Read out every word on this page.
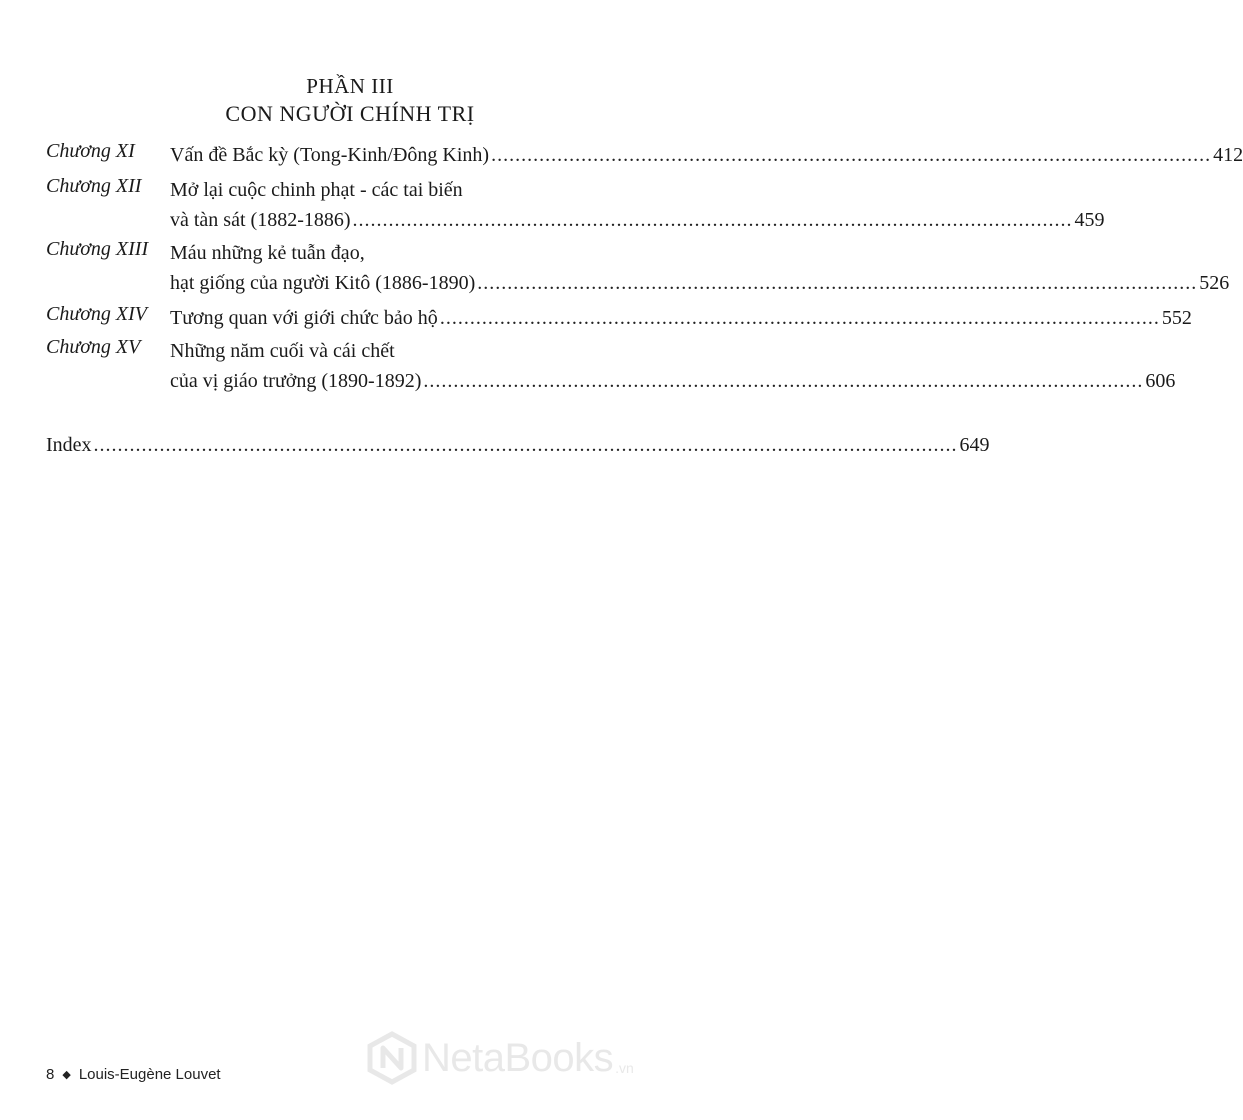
PHẦN III
CON NGƯỜI CHÍNH TRỊ
Chương XI Vấn đề Bắc kỳ (Tong-Kinh/Đông Kinh) ........................................................................................................................ 412
Chương XII Mở lại cuộc chinh phạt - các tai biến
và tàn sát (1882-1886) ........................................................................................................................ 459
Chương XIII Máu những kẻ tuẫn đạo,
hạt giống của người Kitô (1886-1890) ........................................................................................................................ 526
Chương XIV Tương quan với giới chức bảo hộ ........................................................................................................................ 552
Chương XV Những năm cuối và cái chết
của vị giáo trưởng (1890-1892) ........................................................................................................................ 606
Index ................................................................................................................................................ 649
8 ◆ Louis-Eugène Louvet	NetaBooks .vn
